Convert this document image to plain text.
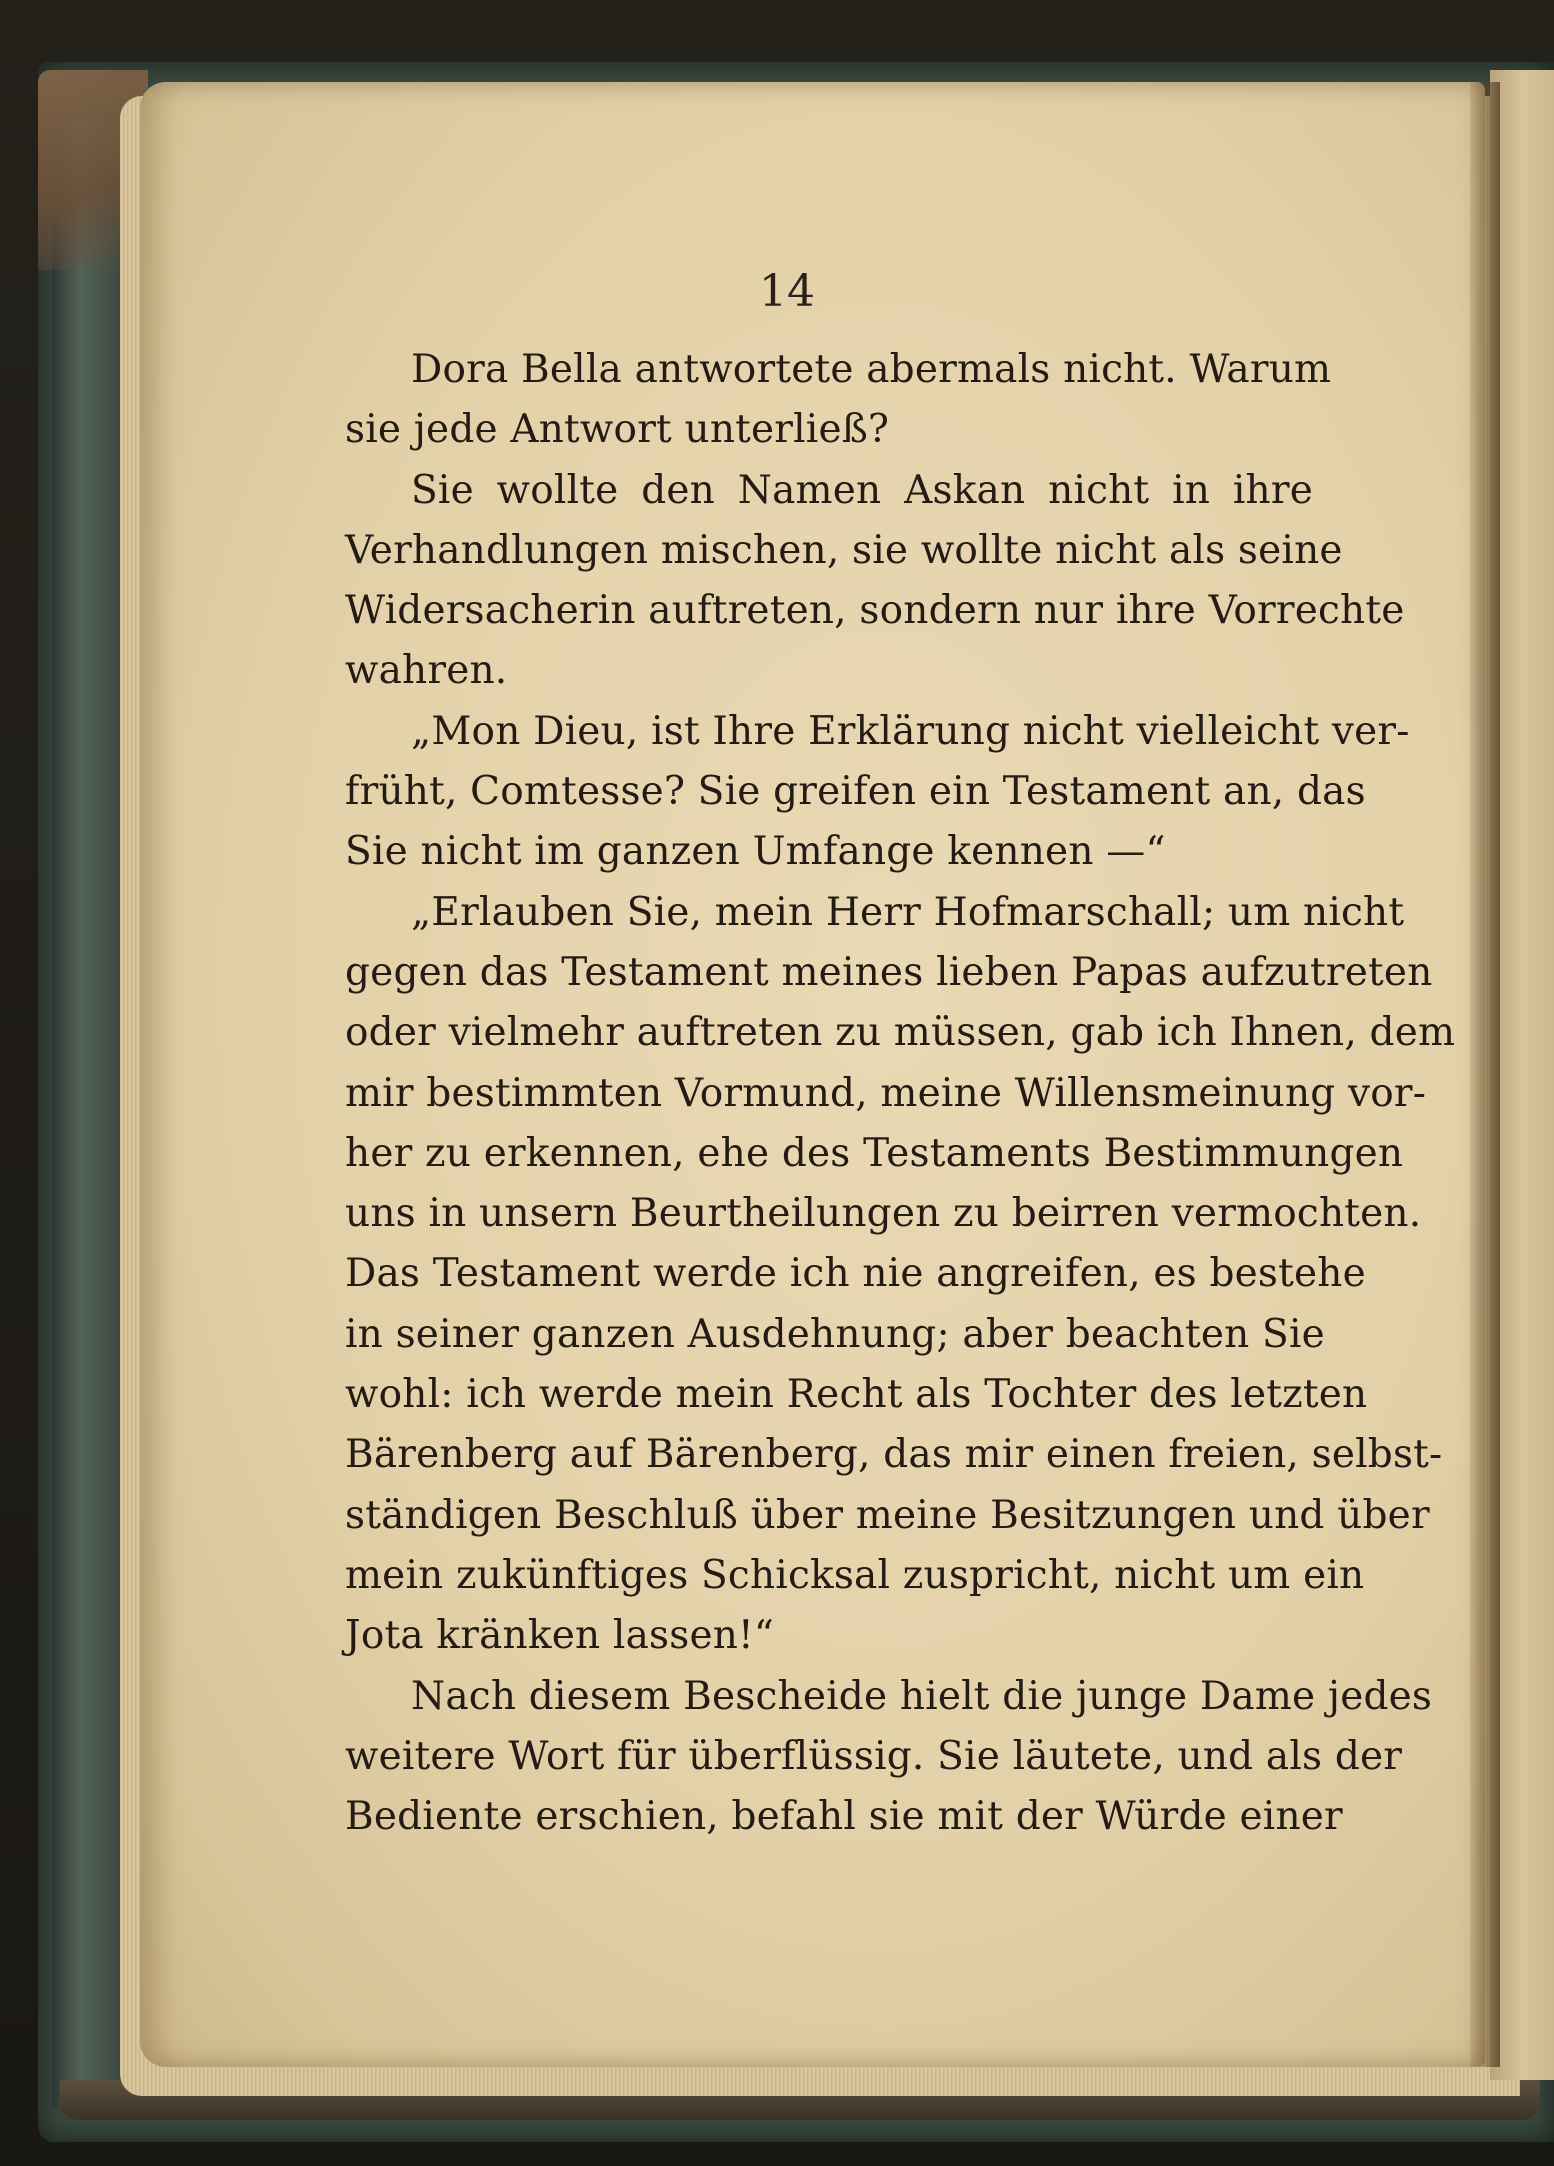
14
Dora Bella antwortete abermals nicht. Warum
sie jede Antwort unterließ?
Sie wollte den Namen Askan nicht in ihre
Verhandlungen mischen, sie wollte nicht als seine
Widersacherin auftreten, sondern nur ihre Vorrechte
wahren.
„Mon Dieu, ist Ihre Erklärung nicht vielleicht ver-
früht, Comtesse? Sie greifen ein Testament an, das
Sie nicht im ganzen Umfange kennen —“
„Erlauben Sie, mein Herr Hofmarschall; um nicht
gegen das Testament meines lieben Papas aufzutreten
oder vielmehr auftreten zu müssen, gab ich Ihnen, dem
mir bestimmten Vormund, meine Willensmeinung vor-
her zu erkennen, ehe des Testaments Bestimmungen
uns in unsern Beurtheilungen zu beirren vermochten.
Das Testament werde ich nie angreifen, es bestehe
in seiner ganzen Ausdehnung; aber beachten Sie
wohl: ich werde mein Recht als Tochter des letzten
Bärenberg auf Bärenberg, das mir einen freien, selbst-
ständigen Beschluß über meine Besitzungen und über
mein zukünftiges Schicksal zuspricht, nicht um ein
Jota kränken lassen!“
Nach diesem Bescheide hielt die junge Dame jedes
weitere Wort für überflüssig. Sie läutete, und als der
Bediente erschien, befahl sie mit der Würde einer
